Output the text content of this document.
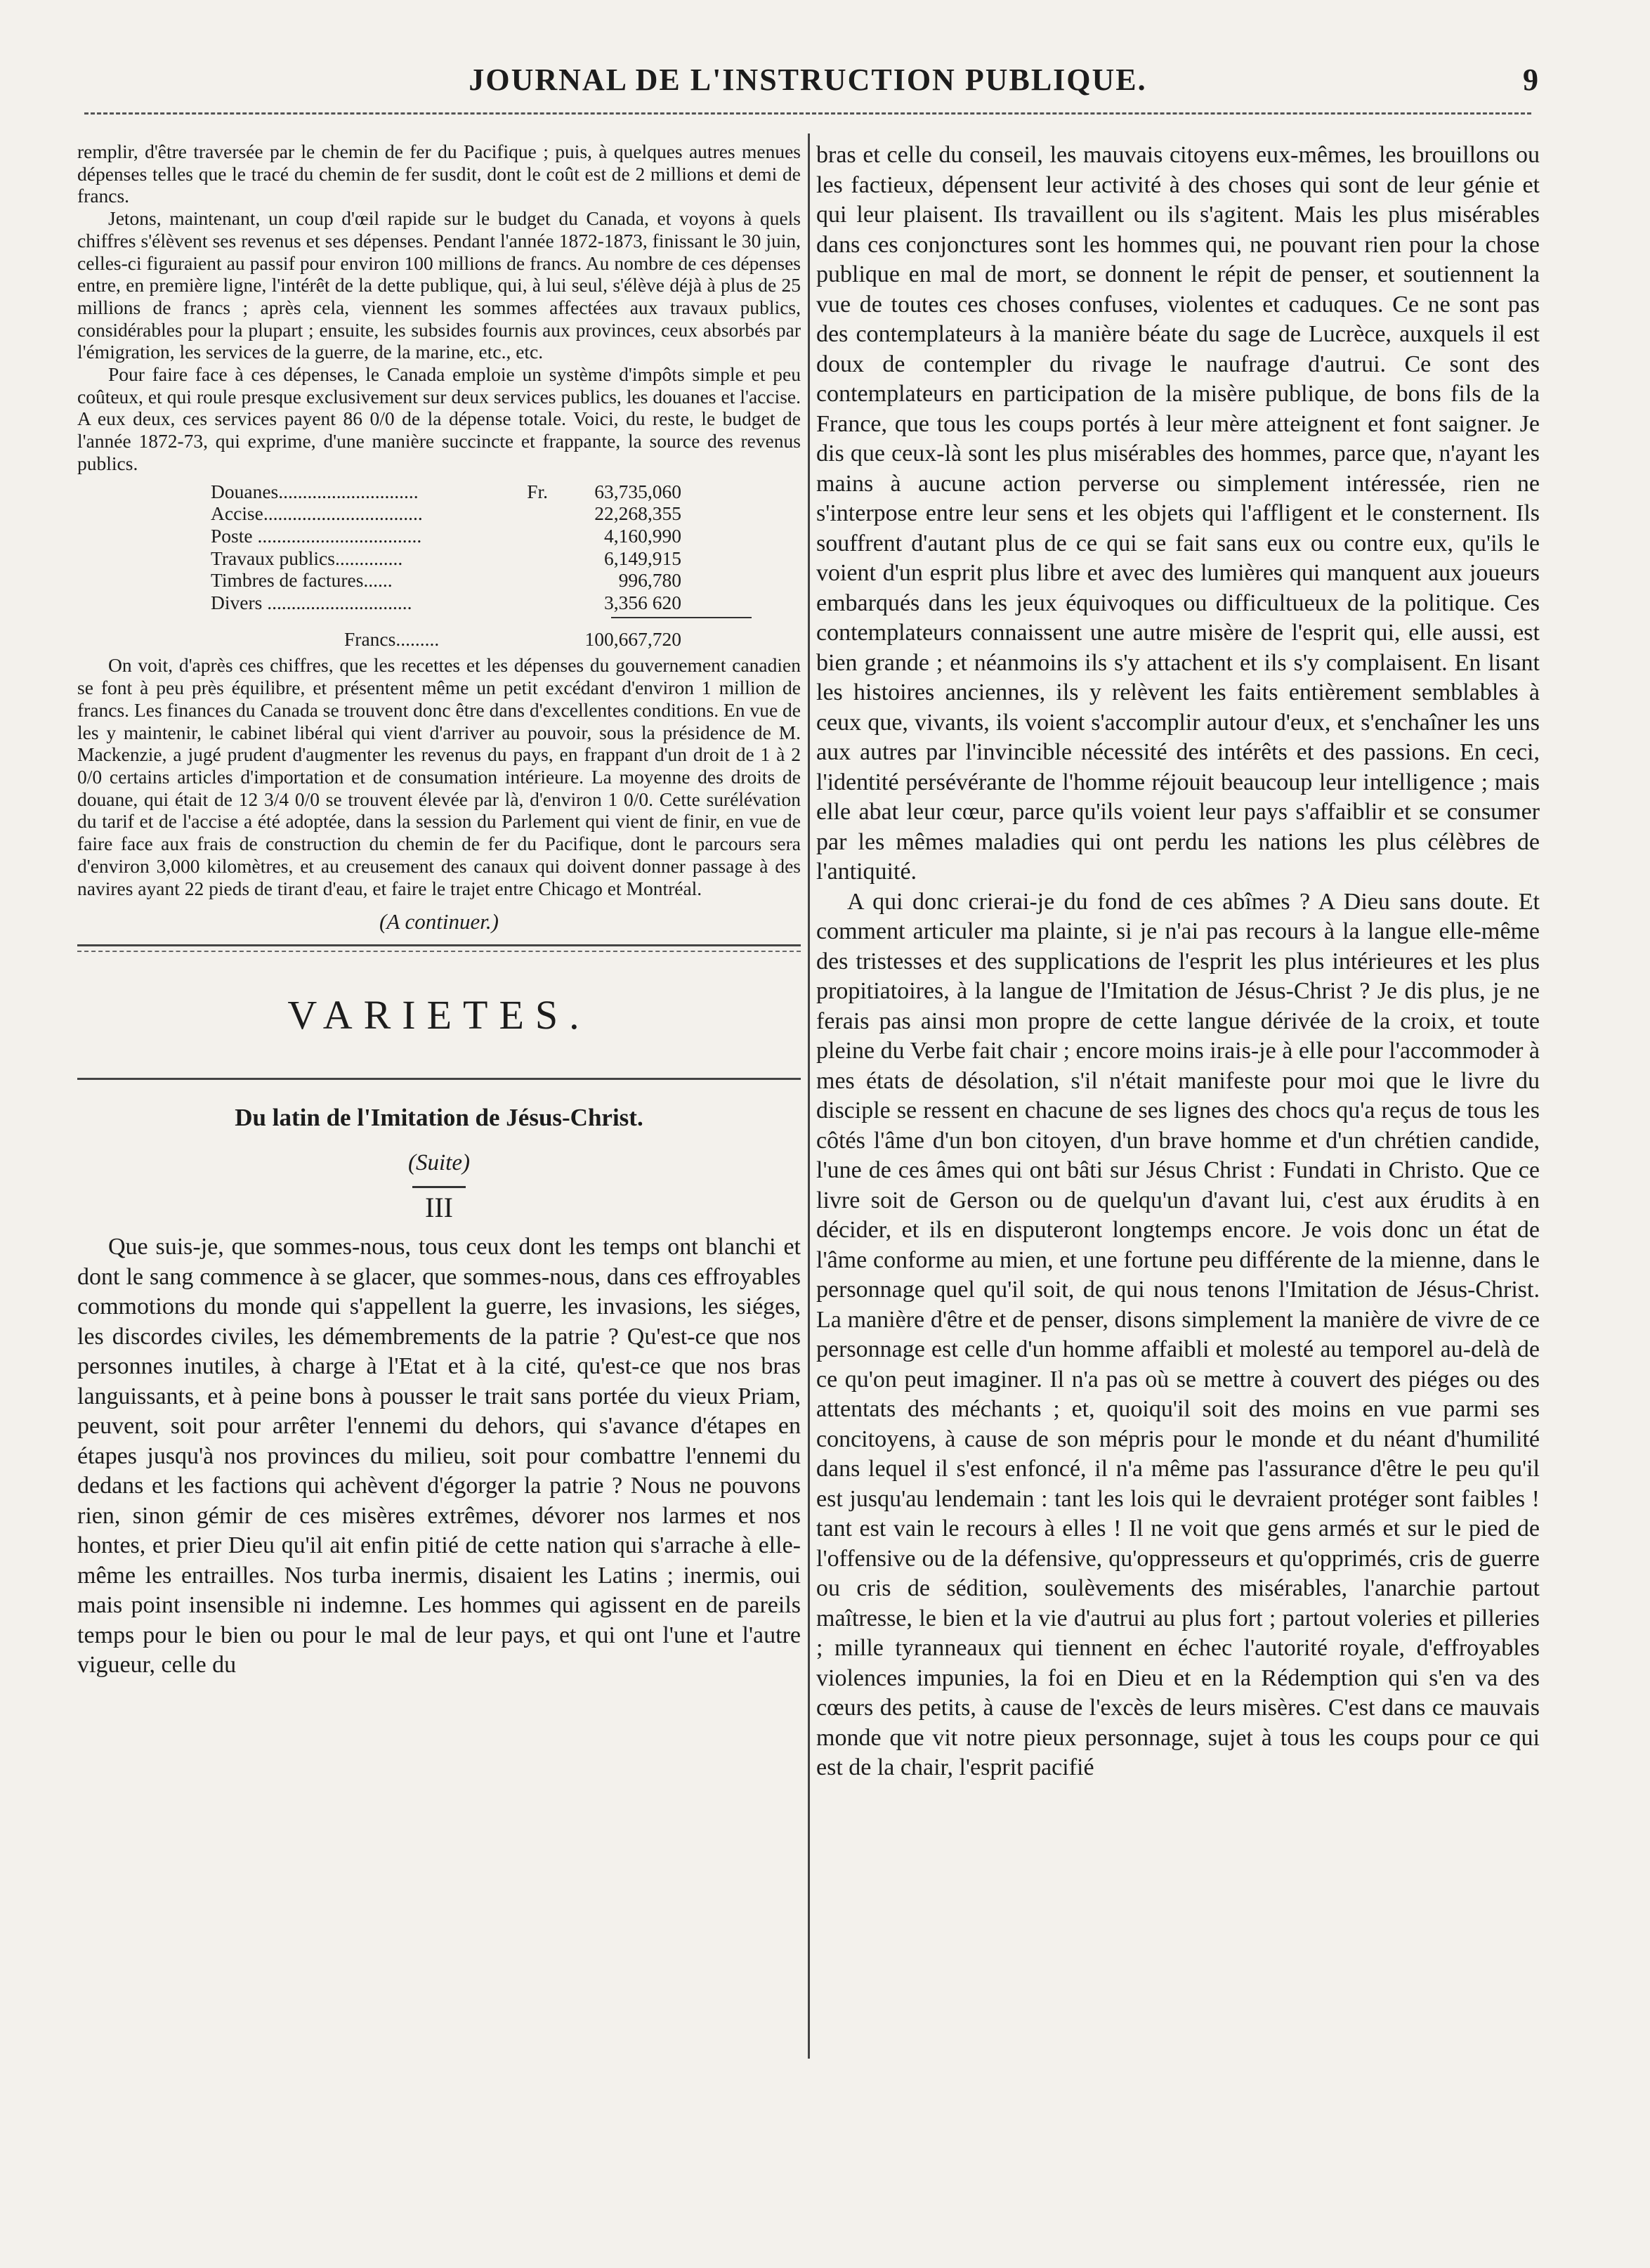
JOURNAL DE L'INSTRUCTION PUBLIQUE.	9

remplir, d'être traversée par le chemin de fer du Pacifique ; puis, à quelques autres menues dépenses telles que le tracé du chemin de fer susdit, dont le coût est de 2 millions et demi de francs.

Jetons, maintenant, un coup d'œil rapide sur le budget du Canada, et voyons à quels chiffres s'élèvent ses revenus et ses dépenses. Pendant l'année 1872-1873, finissant le 30 juin, celles-ci figuraient au passif pour environ 100 millions de francs. Au nombre de ces dépenses entre, en première ligne, l'intérêt de la dette publique, qui, à lui seul, s'élève déjà à plus de 25 millions de francs ; après cela, viennent les sommes affectées aux travaux publics, considérables pour la plupart ; ensuite, les subsides fournis aux provinces, ceux absorbés par l'émigration, les services de la guerre, de la marine, etc., etc.

Pour faire face à ces dépenses, le Canada emploie un système d'impôts simple et peu coûteux, et qui roule presque exclusivement sur deux services publics, les douanes et l'accise. A eux deux, ces services payent 86 0/0 de la dépense totale. Voici, du reste, le budget de l'année 1872-73, qui exprime, d'une manière succincte et frappante, la source des revenus publics.

Douanes.............................	Fr.	63,735,060
Accise.................................	22,268,355
Poste ..................................	4,160,990
Travaux publics..............	6,149,915
Timbres de factures......	996,780
Divers ..............................	3,356 620
Francs.........	100,667,720

On voit, d'après ces chiffres, que les recettes et les dépenses du gouvernement canadien se font à peu près équilibre, et présentent même un petit excédant d'environ 1 million de francs. Les finances du Canada se trouvent donc être dans d'excellentes conditions. En vue de les y maintenir, le cabinet libéral qui vient d'arriver au pouvoir, sous la présidence de M. Mackenzie, a jugé prudent d'augmenter les revenus du pays, en frappant d'un droit de 1 à 2 0/0 certains articles d'importation et de consumation intérieure. La moyenne des droits de douane, qui était de 12 3/4 0/0 se trouvent élevée par là, d'environ 1 0/0. Cette surélévation du tarif et de l'accise a été adoptée, dans la session du Parlement qui vient de finir, en vue de faire face aux frais de construction du chemin de fer du Pacifique, dont le parcours sera d'environ 3,000 kilomètres, et au creusement des canaux qui doivent donner passage à des navires ayant 22 pieds de tirant d'eau, et faire le trajet entre Chicago et Montréal.

(A continuer.)
VARIETES.
Du latin de l'Imitation de Jésus-Christ.
(Suite)
III

Que suis-je, que sommes-nous, tous ceux dont les temps ont blanchi et dont le sang commence à se glacer, que sommes-nous, dans ces effroyables commotions du monde qui s'appellent la guerre, les invasions, les siéges, les discordes civiles, les démembrements de la patrie ? Qu'est-ce que nos personnes inutiles, à charge à l'Etat et à la cité, qu'est-ce que nos bras languissants, et à peine bons à pousser le trait sans portée du vieux Priam, peuvent, soit pour arrêter l'ennemi du dehors, qui s'avance d'étapes en étapes jusqu'à nos provinces du milieu, soit pour combattre l'ennemi du dedans et les factions qui achèvent d'égorger la patrie ? Nous ne pouvons rien, sinon gémir de ces misères extrêmes, dévorer nos larmes et nos hontes, et prier Dieu qu'il ait enfin pitié de cette nation qui s'arrache à elle-même les entrailles. Nos turba inermis, disaient les Latins ; inermis, oui mais point insensible ni indemne. Les hommes qui agissent en de pareils temps pour le bien ou pour le mal de leur pays, et qui ont l'une et l'autre vigueur, celle du

bras et celle du conseil, les mauvais citoyens eux-mêmes, les brouillons ou les factieux, dépensent leur activité à des choses qui sont de leur génie et qui leur plaisent. Ils travaillent ou ils s'agitent. Mais les plus misérables dans ces conjonctures sont les hommes qui, ne pouvant rien pour la chose publique en mal de mort, se donnent le répit de penser, et soutiennent la vue de toutes ces choses confuses, violentes et caduques. Ce ne sont pas des contemplateurs à la manière béate du sage de Lucrèce, auxquels il est doux de contempler du rivage le naufrage d'autrui. Ce sont des contemplateurs en participation de la misère publique, de bons fils de la France, que tous les coups portés à leur mère atteignent et font saigner. Je dis que ceux-là sont les plus misérables des hommes, parce que, n'ayant les mains à aucune action perverse ou simplement intéressée, rien ne s'interpose entre leur sens et les objets qui l'affligent et le consternent. Ils souffrent d'autant plus de ce qui se fait sans eux ou contre eux, qu'ils le voient d'un esprit plus libre et avec des lumières qui manquent aux joueurs embarqués dans les jeux équivoques ou difficultueux de la politique. Ces contemplateurs connaissent une autre misère de l'esprit qui, elle aussi, est bien grande ; et néanmoins ils s'y attachent et ils s'y complaisent. En lisant les histoires anciennes, ils y relèvent les faits entièrement semblables à ceux que, vivants, ils voient s'accomplir autour d'eux, et s'enchaîner les uns aux autres par l'invincible nécessité des intérêts et des passions. En ceci, l'identité persévérante de l'homme réjouit beaucoup leur intelligence ; mais elle abat leur cœur, parce qu'ils voient leur pays s'affaiblir et se consumer par les mêmes maladies qui ont perdu les nations les plus célèbres de l'antiquité.

A qui donc crierai-je du fond de ces abîmes ? A Dieu sans doute. Et comment articuler ma plainte, si je n'ai pas recours à la langue elle-même des tristesses et des supplications de l'esprit les plus intérieures et les plus propitiatoires, à la langue de l'Imitation de Jésus-Christ ? Je dis plus, je ne ferais pas ainsi mon propre de cette langue dérivée de la croix, et toute pleine du Verbe fait chair ; encore moins irais-je à elle pour l'accommoder à mes états de désolation, s'il n'était manifeste pour moi que le livre du disciple se ressent en chacune de ses lignes des chocs qu'a reçus de tous les côtés l'âme d'un bon citoyen, d'un brave homme et d'un chrétien candide, l'une de ces âmes qui ont bâti sur Jésus Christ : Fundati in Christo. Que ce livre soit de Gerson ou de quelqu'un d'avant lui, c'est aux érudits à en décider, et ils en disputeront longtemps encore. Je vois donc un état de l'âme conforme au mien, et une fortune peu différente de la mienne, dans le personnage quel qu'il soit, de qui nous tenons l'Imitation de Jésus-Christ. La manière d'être et de penser, disons simplement la manière de vivre de ce personnage est celle d'un homme affaibli et molesté au temporel au-delà de ce qu'on peut imaginer. Il n'a pas où se mettre à couvert des piéges ou des attentats des méchants ; et, quoiqu'il soit des moins en vue parmi ses concitoyens, à cause de son mépris pour le monde et du néant d'humilité dans lequel il s'est enfoncé, il n'a même pas l'assurance d'être le peu qu'il est jusqu'au lendemain : tant les lois qui le devraient protéger sont faibles ! tant est vain le recours à elles ! Il ne voit que gens armés et sur le pied de l'offensive ou de la défensive, qu'oppresseurs et qu'opprimés, cris de guerre ou cris de sédition, soulèvements des misérables, l'anarchie partout maîtresse, le bien et la vie d'autrui au plus fort ; partout voleries et pilleries ; mille tyranneaux qui tiennent en échec l'autorité royale, d'effroyables violences impunies, la foi en Dieu et en la Rédemption qui s'en va des cœurs des petits, à cause de l'excès de leurs misères. C'est dans ce mauvais monde que vit notre pieux personnage, sujet à tous les coups pour ce qui est de la chair, l'esprit pacifié
